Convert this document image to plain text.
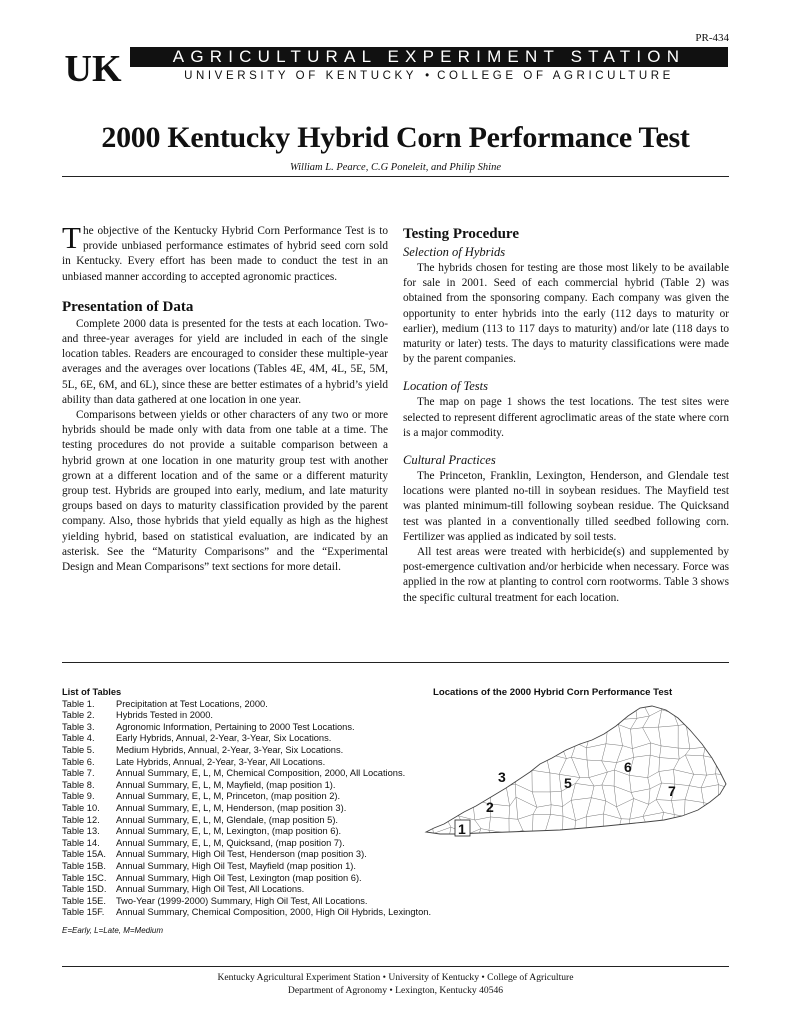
PR-434
UK	AGRICULTURAL EXPERIMENT STATION
UNIVERSITY OF KENTUCKY • COLLEGE OF AGRICULTURE
2000 Kentucky Hybrid Corn Performance Test
William L. Pearce, C.G Poneleit, and Philip Shine

The objective of the Kentucky Hybrid Corn Performance Test is to provide unbiased performance estimates of hybrid seed corn sold in Kentucky. Every effort has been made to conduct the test in an unbiased manner according to accepted agronomic practices.

Presentation of Data

Complete 2000 data is presented for the tests at each location. Two- and three-year averages for yield are included in each of the single location tables. Readers are encouraged to consider these multiple-year averages and the averages over locations (Tables 4E, 4M, 4L, 5E, 5M, 5L, 6E, 6M, and 6L), since these are better estimates of a hybrid’s yield ability than data gathered at one location in one year.

Comparisons between yields or other characters of any two or more hybrids should be made only with data from one table at a time. The testing procedures do not provide a suitable comparison between a hybrid grown at one location in one maturity group test with another grown at a different location and of the same or a different maturity group test. Hybrids are grouped into early, medium, and late maturity groups based on days to maturity classification provided by the parent company. Also, those hybrids that yield equally as high as the highest yielding hybrid, based on statistical evaluation, are indicated by an asterisk. See the “Maturity Comparisons” and the “Experimental Design and Mean Comparisons” text sections for more detail.

Testing Procedure
Selection of Hybrids

The hybrids chosen for testing are those most likely to be available for sale in 2001. Seed of each commercial hybrid (Table 2) was obtained from the sponsoring company. Each company was given the opportunity to enter hybrids into the early (112 days to maturity or earlier), medium (113 to 117 days to maturity) and/or late (118 days to maturity or later) tests. The days to maturity classifications were made by the parent companies.

Location of Tests

The map on page 1 shows the test locations. The test sites were selected to represent different agroclimatic areas of the state where corn is a major commodity.

Cultural Practices

The Princeton, Franklin, Lexington, Henderson, and Glendale test locations were planted no-till in soybean residues. The Mayfield test was planted minimum-till following soybean residue. The Quicksand test was planted in a conventionally tilled seedbed following corn. Fertilizer was applied as indicated by soil tests.

All test areas were treated with herbicide(s) and supplemented by post-emergence cultivation and/or herbicide when necessary. Force was applied in the row at planting to control corn rootworms. Table 3 shows the specific cultural treatment for each location.

List of Tables
Table 1. Precipitation at Test Locations, 2000.
Table 2. Hybrids Tested in 2000.
Table 3. Agronomic Information, Pertaining to 2000 Test Locations.
Table 4. Early Hybrids, Annual, 2-Year, 3-Year, Six Locations.
Table 5. Medium Hybrids, Annual, 2-Year, 3-Year, Six Locations.
Table 6. Late Hybrids, Annual, 2-Year, 3-Year, All Locations.
Table 7. Annual Summary, E, L, M, Chemical Composition, 2000, All Locations.
Table 8. Annual Summary, E, L, M, Mayfield, (map position 1).
Table 9. Annual Summary, E, L, M, Princeton, (map position 2).
Table 10. Annual Summary, E, L, M, Henderson, (map position 3).
Table 12. Annual Summary, E, L, M, Glendale, (map position 5).
Table 13. Annual Summary, E, L, M, Lexington, (map position 6).
Table 14. Annual Summary, E, L, M, Quicksand, (map position 7).
Table 15A. Annual Summary, High Oil Test, Henderson (map position 3).
Table 15B. Annual Summary, High Oil Test, Mayfield (map position 1).
Table 15C. Annual Summary, High Oil Test, Lexington (map position 6).
Table 15D. Annual Summary, High Oil Test, All Locations.
Table 15E. Two-Year (1999-2000) Summary, High Oil Test, All Locations.
Table 15F. Annual Summary, Chemical Composition, 2000, High Oil Hybrids, Lexington.
E=Early, L=Late, M=Medium
Locations of the 2000 Hybrid Corn Performance Test
1
2
3	5
6
7
Kentucky Agricultural Experiment Station • University of Kentucky • College of Agriculture
Department of Agronomy • Lexington, Kentucky 40546
